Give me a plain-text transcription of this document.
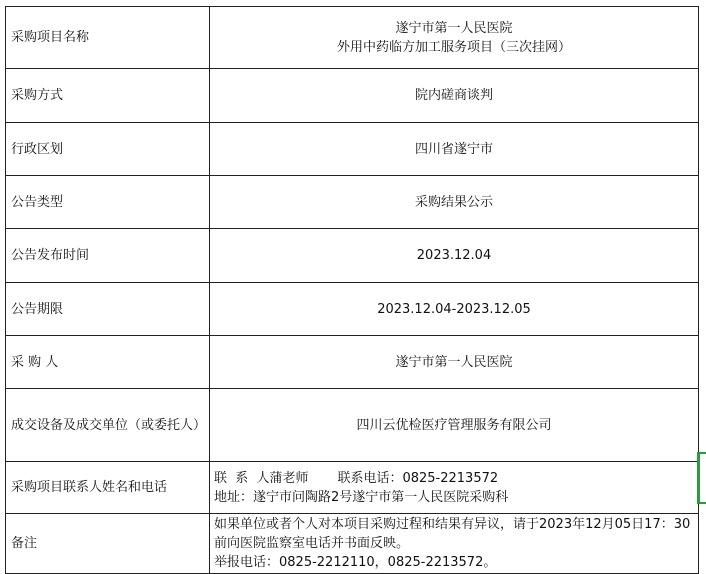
采购项目名称	遂宁市第一人民医院
外用中药临方加工服务项目（三次挂网）

采购方式	院内磋商谈判
行政区划	四川省遂宁市
公告类型	采购结果公示
公告发布时间	2023.12.04
公告期限	2023.12.04-2023.12.05
采 购 人	遂宁市第一人民医院
成交设备及成交单位（或委托人）	四川云优检医疗管理服务有限公司
采购项目联系人姓名和电话	联  系  人蒲老师       联系电话：0825-2213572
地址：遂宁市问陶路2号遂宁市第一人民医院采购科

备注	如果单位或者个人对本项目采购过程和结果有异议，请于2023年12月05日17：30前向医院监察室电话并书面反映。
举报电话：0825-2212110，0825-2213572。
